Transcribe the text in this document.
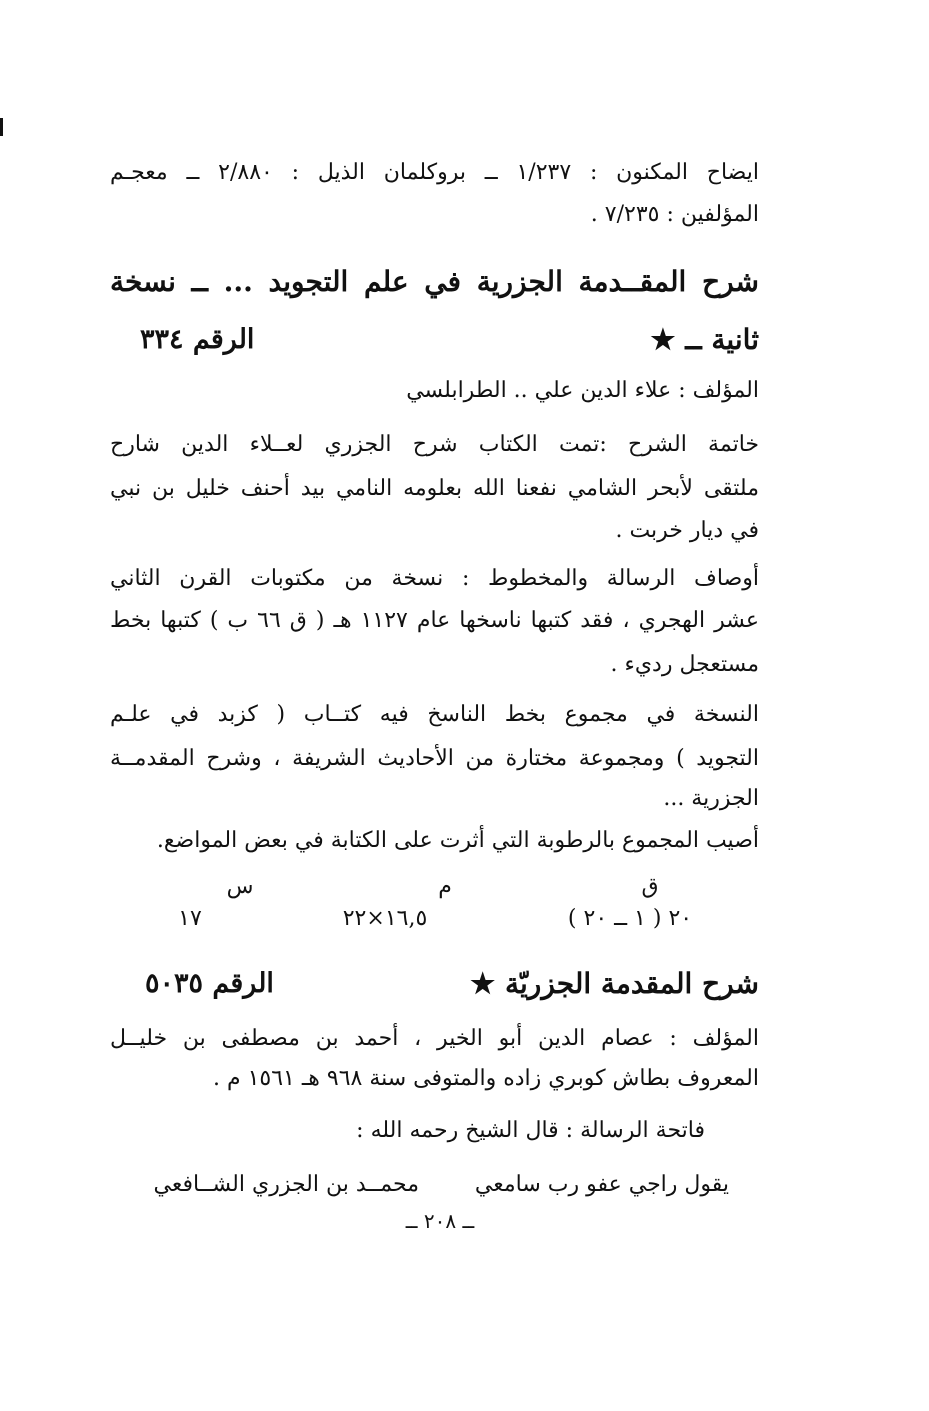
ايضاح المكنون : ١/٢٣٧ ــ بروكلمان الذيل : ٢/٨٨٠ ــ معجـم
المؤلفين : ٧/٢٣٥ .
شرح المقــدمة الجزرية في علم التجويد ... ــ نسخة
ثانية ــ ★
الرقم ٣٣٤
المؤلف : علاء الدين علي .. الطرابلسي
خاتمة الشرح :تمت الكتاب شرح الجزري لعــلاء الدين شارح
ملتقى لأبحر الشامي نفعنا الله بعلومه النامي بيد أحنف خليل بن نبي
في ديار خربت .
أوصاف الرسالة والمخطوط : نسخة من مكتوبات القرن الثاني
عشر الهجري ، فقد كتبها ناسخها عام ١١٢٧ هـ ( ق ٦٦ ب ) كتبها بخط
مستعجل رديء .
النسخة في مجموع بخط الناسخ فيه كتــاب ( كزبد في علـم
التجويد ) ومجموعة مختارة من الأحاديث الشريفة ، وشرح المقدمــة
الجزرية ...
أصيب المجموع بالرطوبة التي أثرت على الكتابة في بعض المواضع.
ق
م
س
٢٠ ( ١ ــ ٢٠ )
١٦,٥×٢٢
١٧
شرح المقدمة الجزريّة ★
الرقم ٥٠٣٥
المؤلف : عصام الدين أبو الخير ، أحمد بن مصطفى بن خليــل
المعروف بطاش كوبري زاده والمتوفى سنة ٩٦٨ هـ ١٥٦١ م .
فاتحة الرسالة : قال الشيخ رحمه الله :
يقول راجي عفو رب سامعي
محمــد بن الجزري الشــافعي
ــ ٢٠٨ ــ
